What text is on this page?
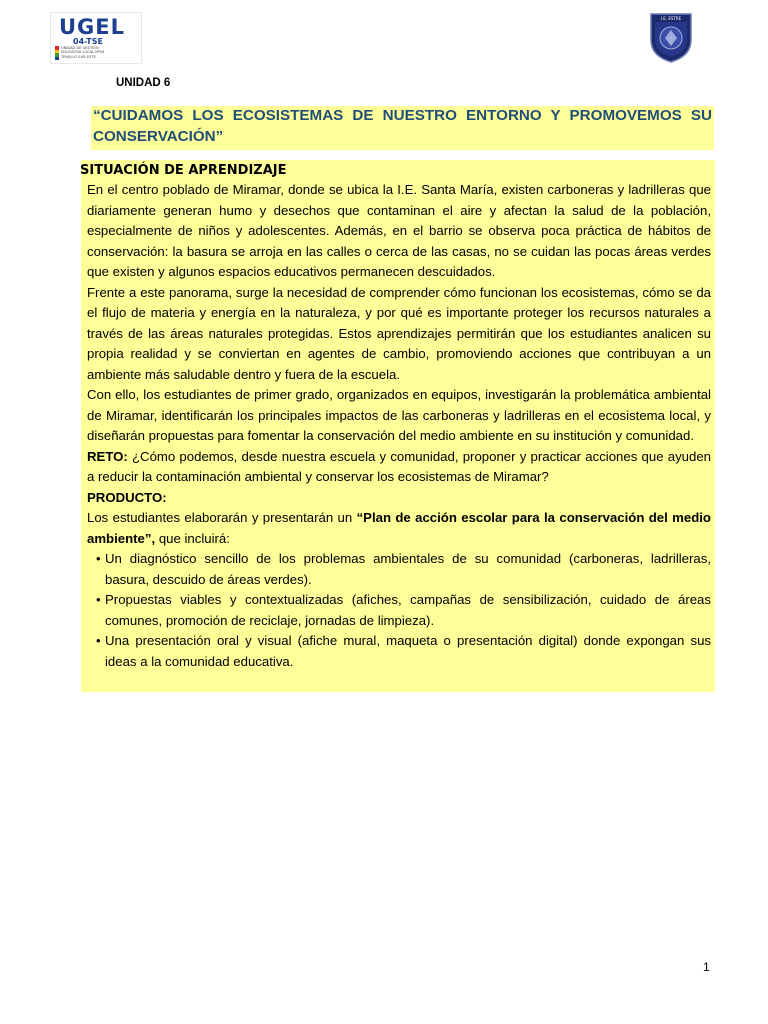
UGEL
04-TSE
UNIDAD DE GESTIÓN
EDUCATIVA LOCAL Nº04
TRUJILLO SUR ESTE
I.E. ESTRE
UNIDAD 6
“CUIDAMOS LOS ECOSISTEMAS DE NUESTRO ENTORNO Y PROMOVEMOS SU CONSERVACIÓN”
SITUACIÓN DE APRENDIZAJE

En el centro poblado de Miramar, donde se ubica la I.E. Santa María, existen carboneras y ladrilleras que diariamente generan humo y desechos que contaminan el aire y afectan la salud de la población, especialmente de niños y adolescentes. Además, en el barrio se observa poca práctica de hábitos de conservación: la basura se arroja en las calles o cerca de las casas, no se cuidan las pocas áreas verdes que existen y algunos espacios educativos permanecen descuidados.

Frente a este panorama, surge la necesidad de comprender cómo funcionan los ecosistemas, cómo se da el flujo de materia y energía en la naturaleza, y por qué es importante proteger los recursos naturales a través de las áreas naturales protegidas. Estos aprendizajes permitirán que los estudiantes analicen su propia realidad y se conviertan en agentes de cambio, promoviendo acciones que contribuyan a un ambiente más saludable dentro y fuera de la escuela.

Con ello, los estudiantes de primer grado, organizados en equipos, investigarán la problemática ambiental de Miramar, identificarán los principales impactos de las carboneras y ladrilleras en el ecosistema local, y diseñarán propuestas para fomentar la conservación del medio ambiente en su institución y comunidad.

RETO: ¿Cómo podemos, desde nuestra escuela y comunidad, proponer y practicar acciones que ayuden a reducir la contaminación ambiental y conservar los ecosistemas de Miramar?

PRODUCTO:

Los estudiantes elaborarán y presentarán un “Plan de acción escolar para la conservación del medio ambiente”, que incluirá:

• Un diagnóstico sencillo de los problemas ambientales de su comunidad (carboneras, ladrilleras, basura, descuido de áreas verdes).
• Propuestas viables y contextualizadas (afiches, campañas de sensibilización, cuidado de áreas comunes, promoción de reciclaje, jornadas de limpieza).
• Una presentación oral y visual (afiche mural, maqueta o presentación digital) donde expongan sus ideas a la comunidad educativa.
1
